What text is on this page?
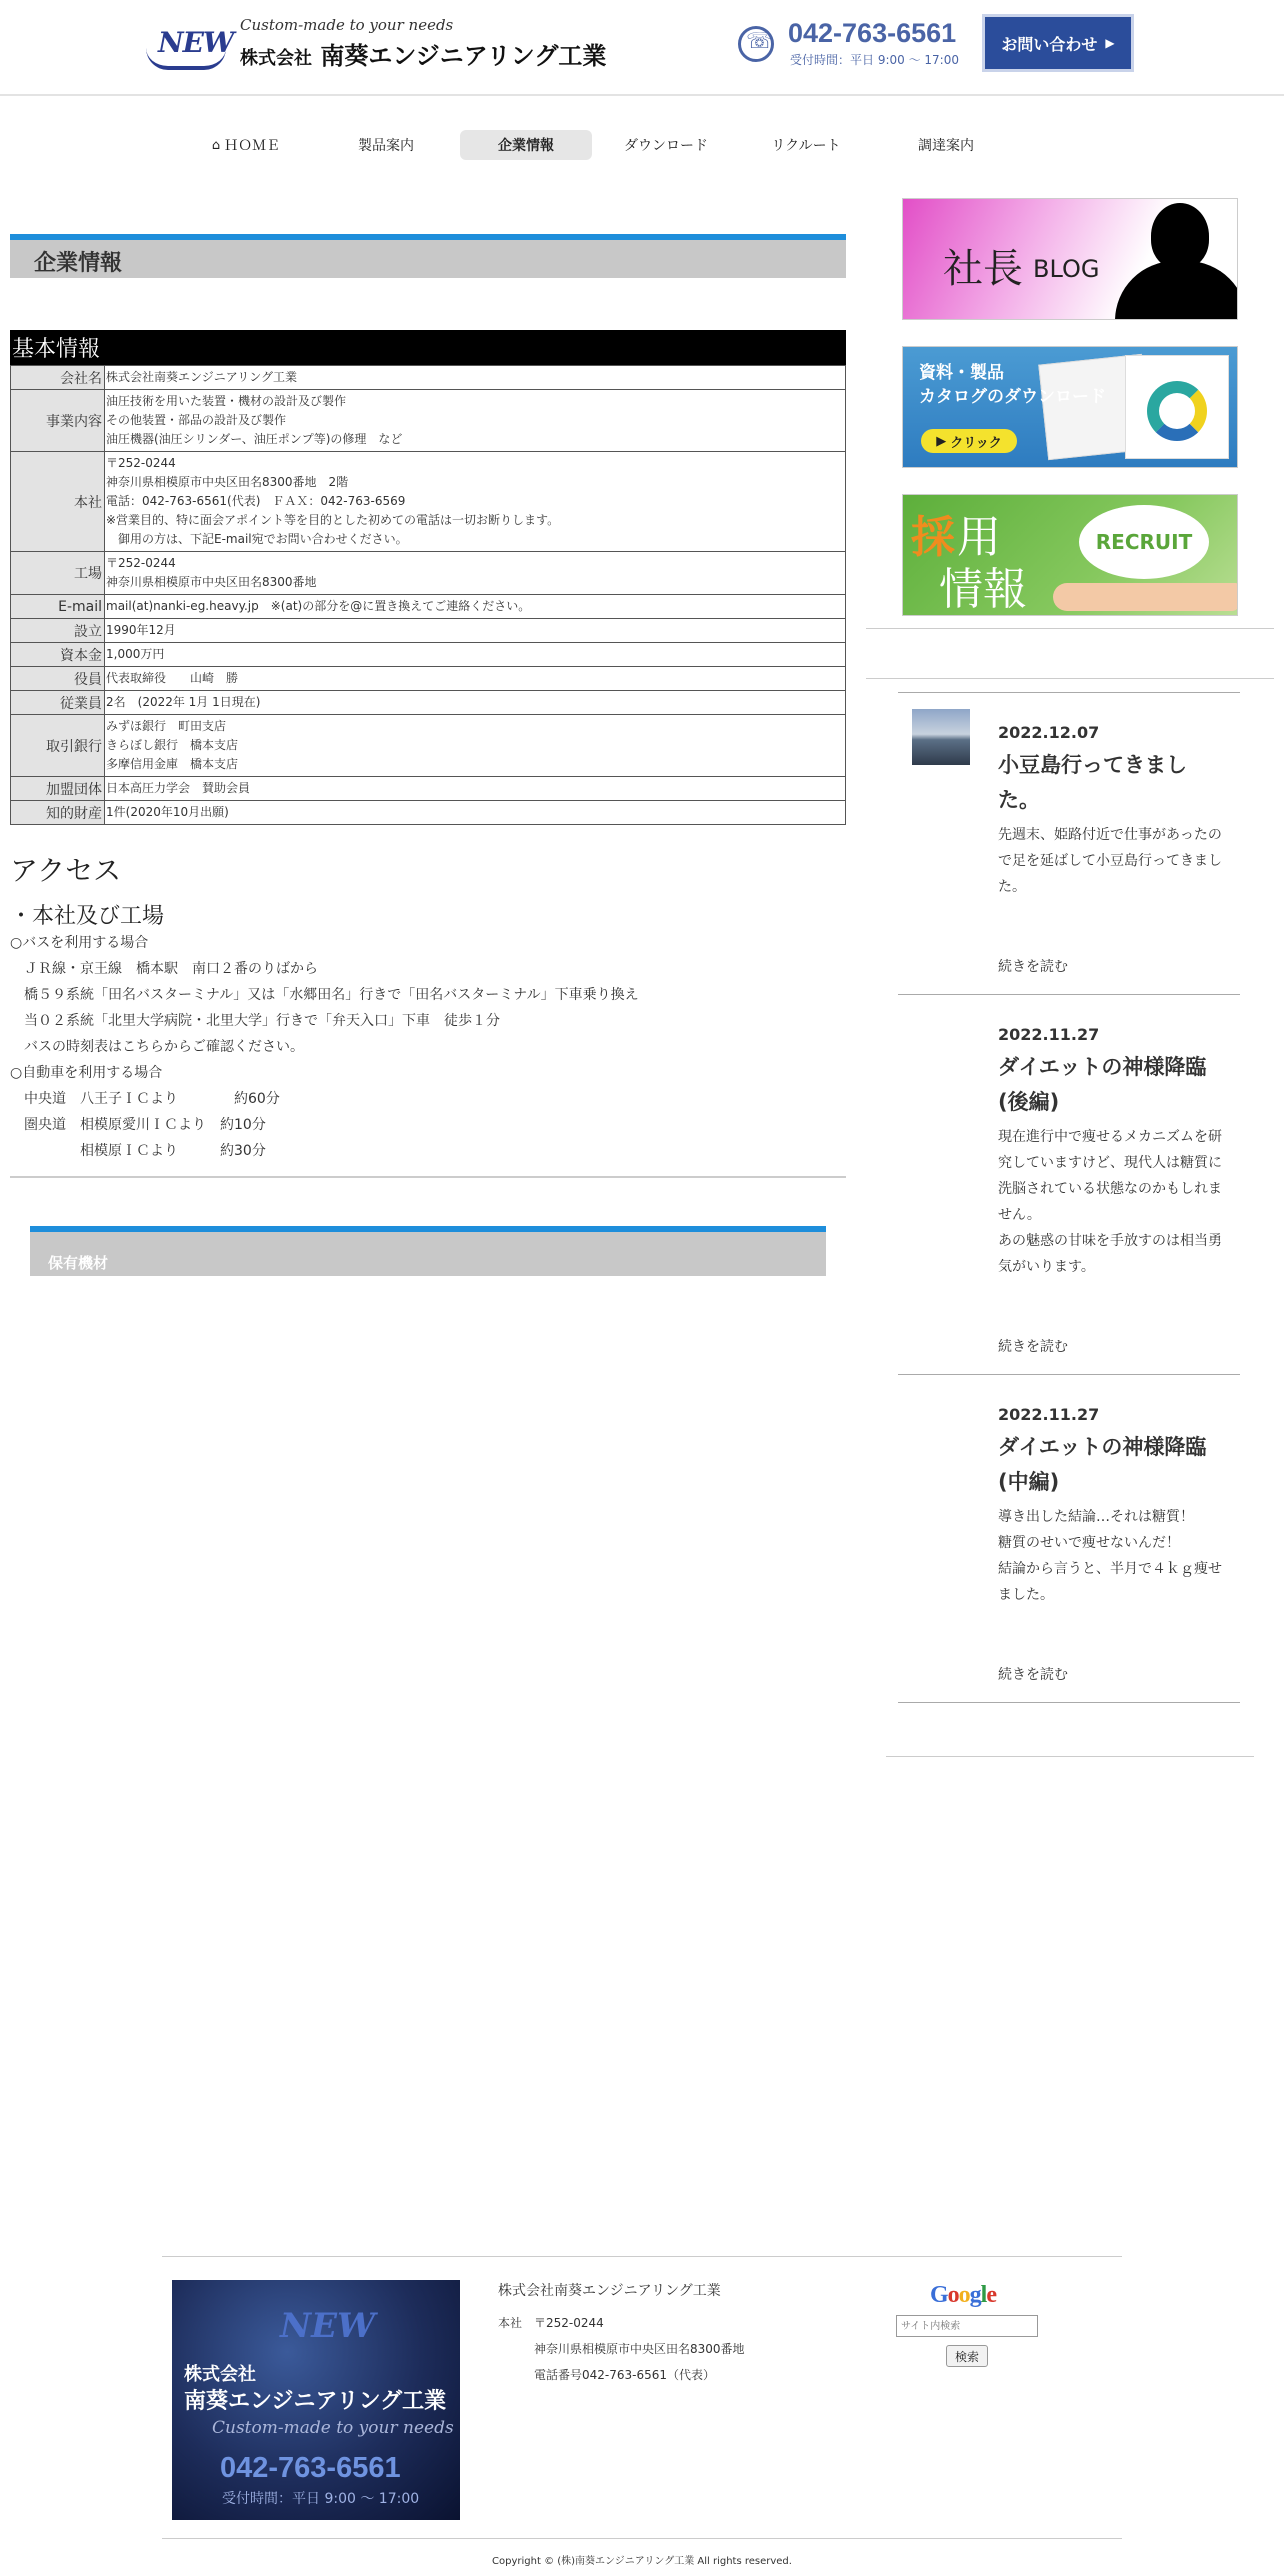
NEW
Custom-made to your needs
株式会社 南葵エンジニアリング工業
☏
042-763-6561
受付時間：平日 9:00 〜 17:00
お問い合わせ ▶
⌂ ＨＯＭＥ	製品案内	企業情報	ダウンロード	リクルート	調達案内
企業情報
基本情報
会社名	株式会社南葵エンジニアリング工業

事業内容	油圧技術を用いた装置・機材の設計及び製作
その他装置・部品の設計及び製作
油圧機器(油圧シリンダー、油圧ポンプ等)の修理　など

本社	〒252-0244
神奈川県相模原市中央区田名8300番地　2階
電話：042-763-6561(代表)　ＦＡＸ：042-763-6569
※営業目的、特に面会アポイント等を目的とした初めての電話は一切お断りします。
　御用の方は、下記E-mail宛でお問い合わせください。

工場	〒252-0244
神奈川県相模原市中央区田名8300番地

E-mail	mail(at)nanki-eg.heavy.jp　※(at)の部分を@に置き換えてご連絡ください。

設立	1990年12月

資本金	1,000万円

役員	代表取締役　　山崎　勝

従業員	2名　(2022年 1月 1日現在)

取引銀行	みずほ銀行　町田支店
きらぼし銀行　橋本支店
多摩信用金庫　橋本支店

加盟団体	日本高圧力学会　賛助会員

知的財産	1件(2020年10月出願)
アクセス
・本社及び工場

○バスを利用する場合

　ＪＲ線・京王線　橋本駅　南口２番のりばから

　橋５９系統「田名バスターミナル」又は「水郷田名」行きで「田名バスターミナル」下車乗り換え

　当０２系統「北里大学病院・北里大学」行きで「弁天入口」下車　徒歩１分

　バスの時刻表はこちらからご確認ください。

○自動車を利用する場合

　中央道　八王子ＩＣより　　　　約60分

　圏央道　相模原愛川ＩＣより　約10分

　　　　　相模原ＩＣより　　　約30分

保有機材
社長 BLOG
資料・製品
カタログのダウンロード
▶ クリック
採 用
情報
RECRUIT
2022.12.07
小豆島行ってきました。
先週末、姫路付近で仕事があったので足を延ばして小豆島行ってきました。
続きを読む
2022.11.27
ダイエットの神様降臨(後編)
現在進行中で痩せるメカニズムを研究していますけど、現代人は糖質に洗脳されている状態なのかもしれません。
あの魅惑の甘味を手放すのは相当勇気がいります。
続きを読む
2022.11.27
ダイエットの神様降臨(中編)
導き出した結論…それは糖質！
糖質のせいで痩せないんだ！
結論から言うと、半月で４ｋｇ痩せました。
続きを読む
NEW
株式会社
南葵エンジニアリング工業
Custom-made to your needs
042-763-6561
受付時間：平日 9:00 〜 17:00
株式会社南葵エンジニアリング工業
本社　〒252-0244
神奈川県相模原市中央区田名8300番地
電話番号042-763-6561（代表）
Google
サイト内検索
検索
Copyright © (株)南葵エンジニアリング工業 All rights reserved.
